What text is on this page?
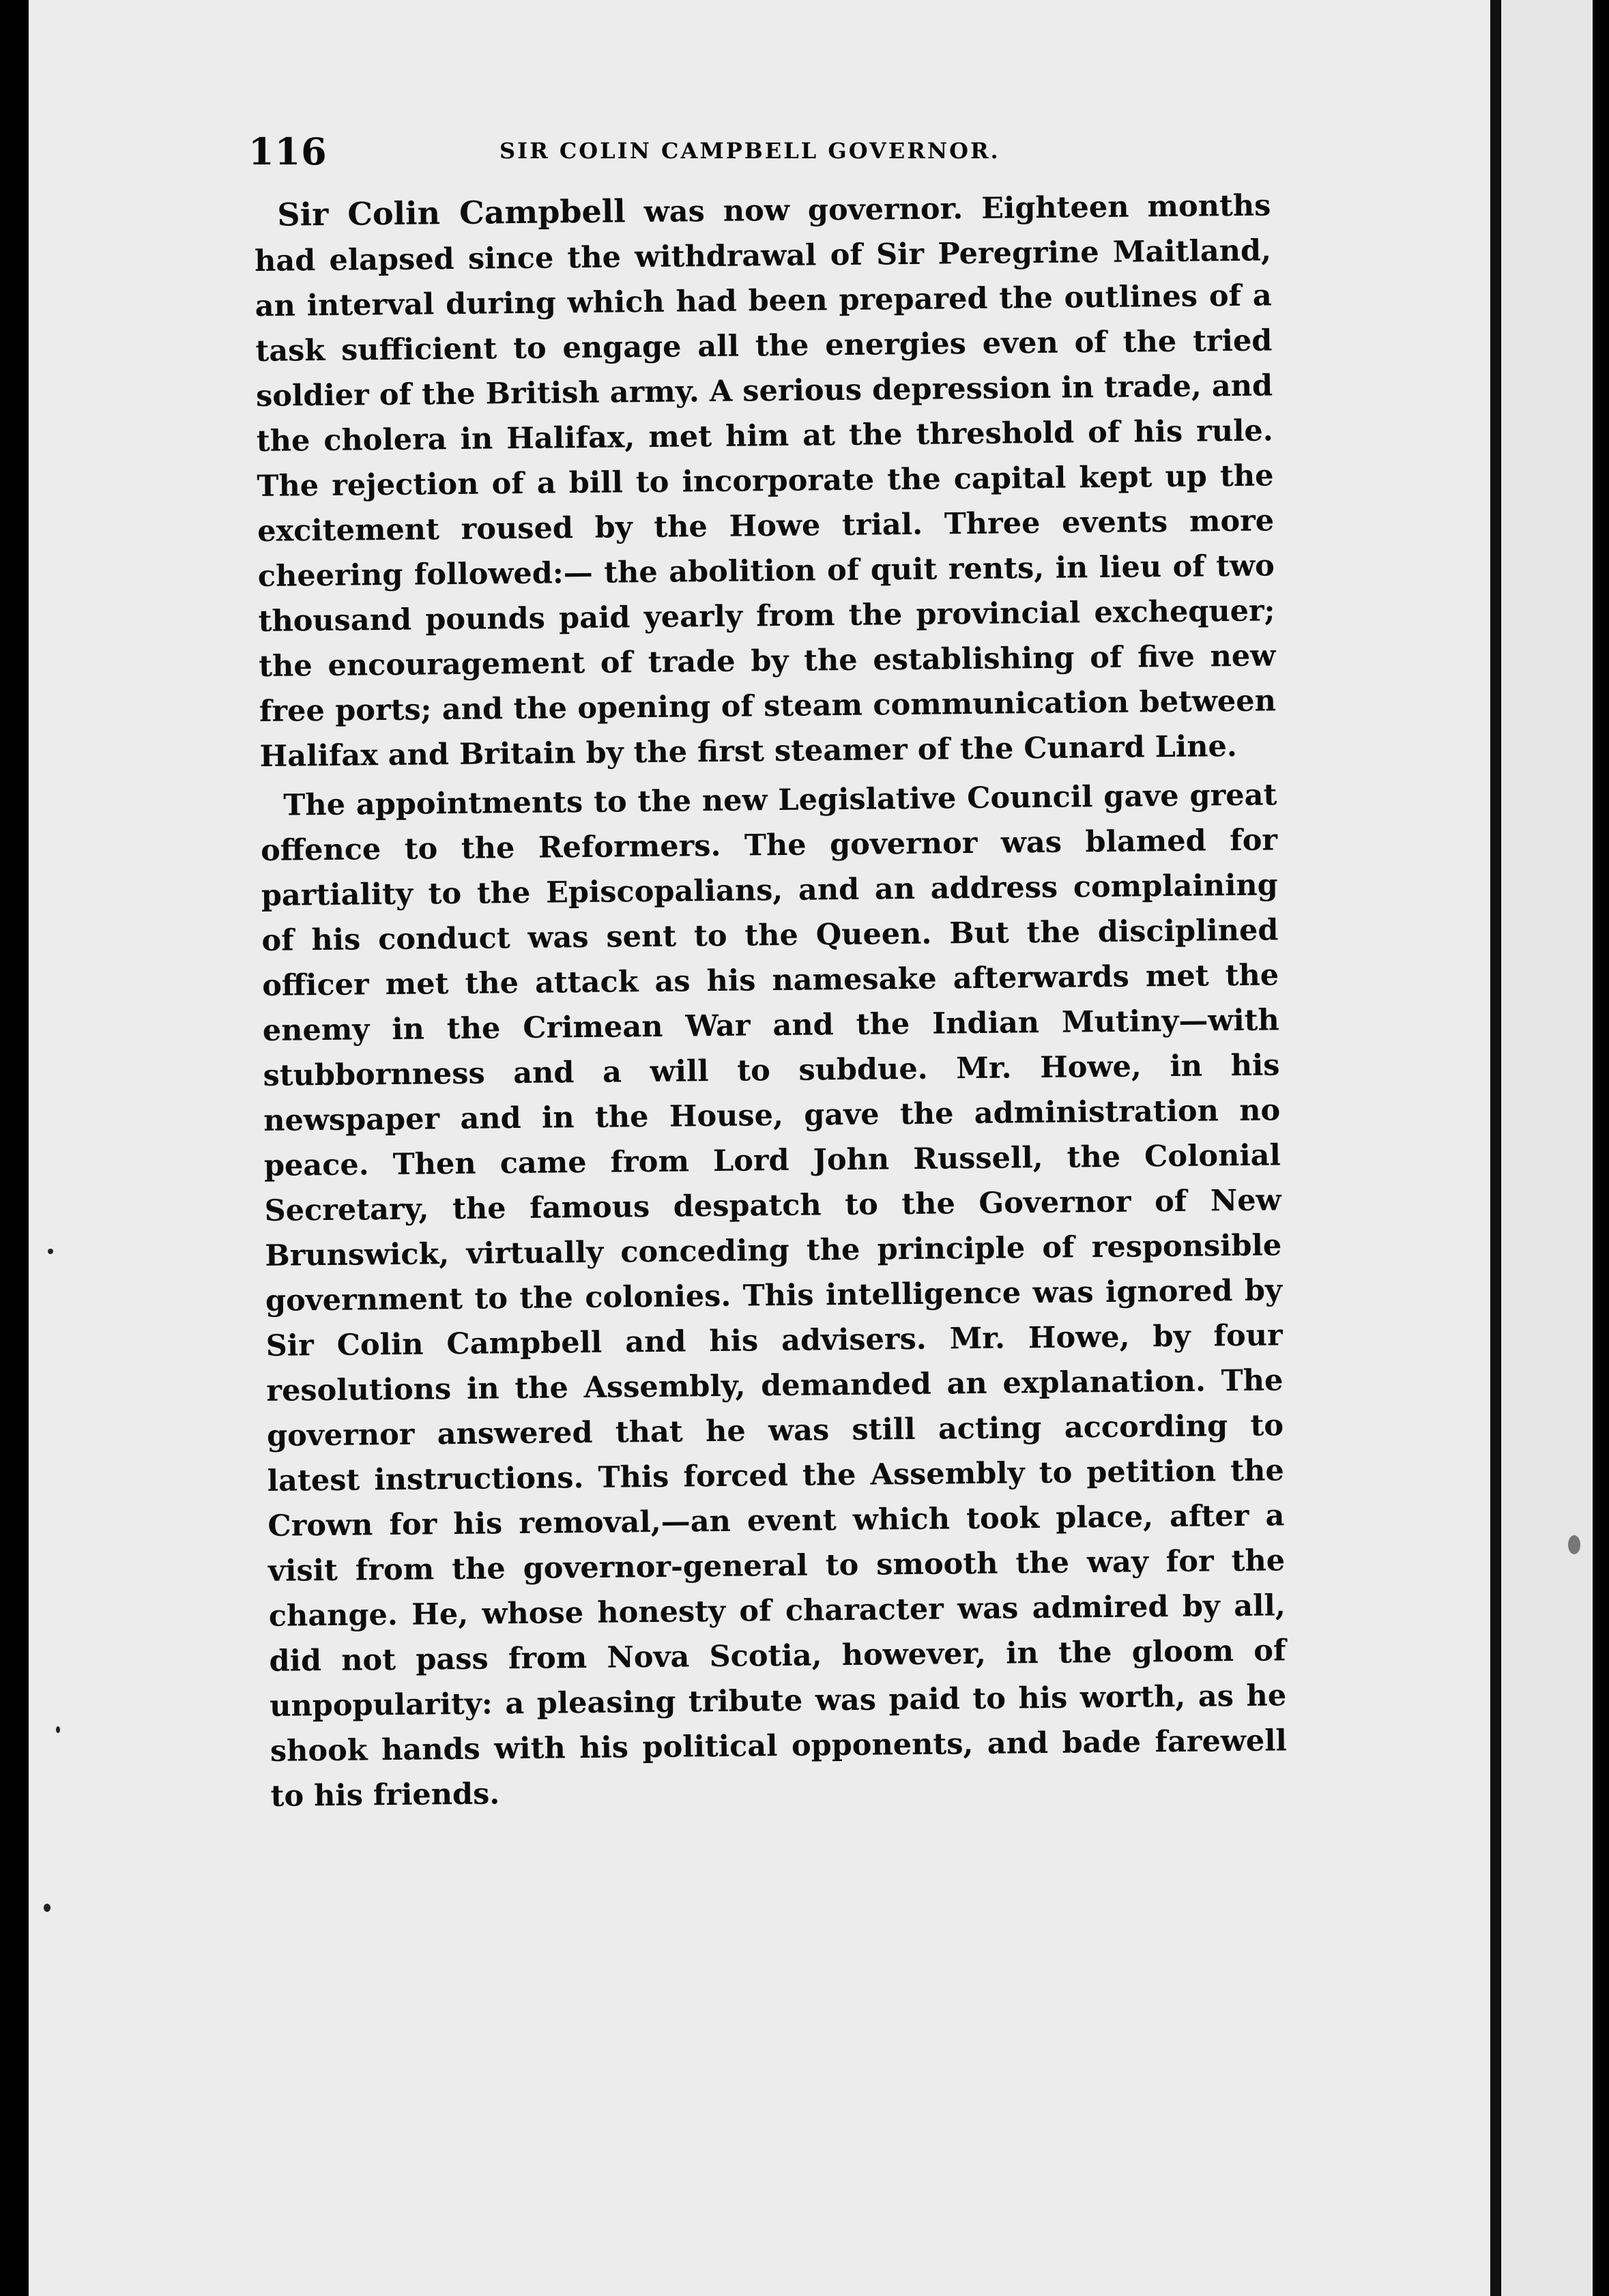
116	SIR COLIN CAMPBELL GOVERNOR.

Sir Colin Campbell was now governor. Eighteen months had elapsed since the withdrawal of Sir Peregrine Maitland, an interval during which had been prepared the outlines of a task sufficient to engage all the energies even of the tried soldier of the British army. A serious depression in trade, and the cholera in Halifax, met him at the threshold of his rule. The rejection of a bill to incorporate the capital kept up the excitement roused by the Howe trial. Three events more cheering followed:— the abolition of quit rents, in lieu of two thousand pounds paid yearly from the provincial exchequer; the encouragement of trade by the establishing of five new free ports; and the opening of steam communication between Halifax and Britain by the first steamer of the Cunard Line.

The appointments to the new Legislative Council gave great offence to the Reformers. The governor was blamed for partiality to the Episcopalians, and an address complaining of his conduct was sent to the Queen. But the disciplined officer met the attack as his namesake afterwards met the enemy in the Crimean War and the Indian Mutiny—with stubbornness and a will to subdue. Mr. Howe, in his newspaper and in the House, gave the administration no peace. Then came from Lord John Russell, the Colonial Secretary, the famous despatch to the Governor of New Brunswick, virtually conceding the principle of responsible government to the colonies. This intelligence was ignored by Sir Colin Campbell and his advisers. Mr. Howe, by four resolutions in the Assembly, demanded an explanation. The governor answered that he was still acting according to latest instructions. This forced the Assembly to petition the Crown for his removal,—an event which took place, after a visit from the governor-general to smooth the way for the change. He, whose honesty of character was admired by all, did not pass from Nova Scotia, however, in the gloom of unpopularity: a pleasing tribute was paid to his worth, as he shook hands with his political opponents, and bade farewell to his friends.
